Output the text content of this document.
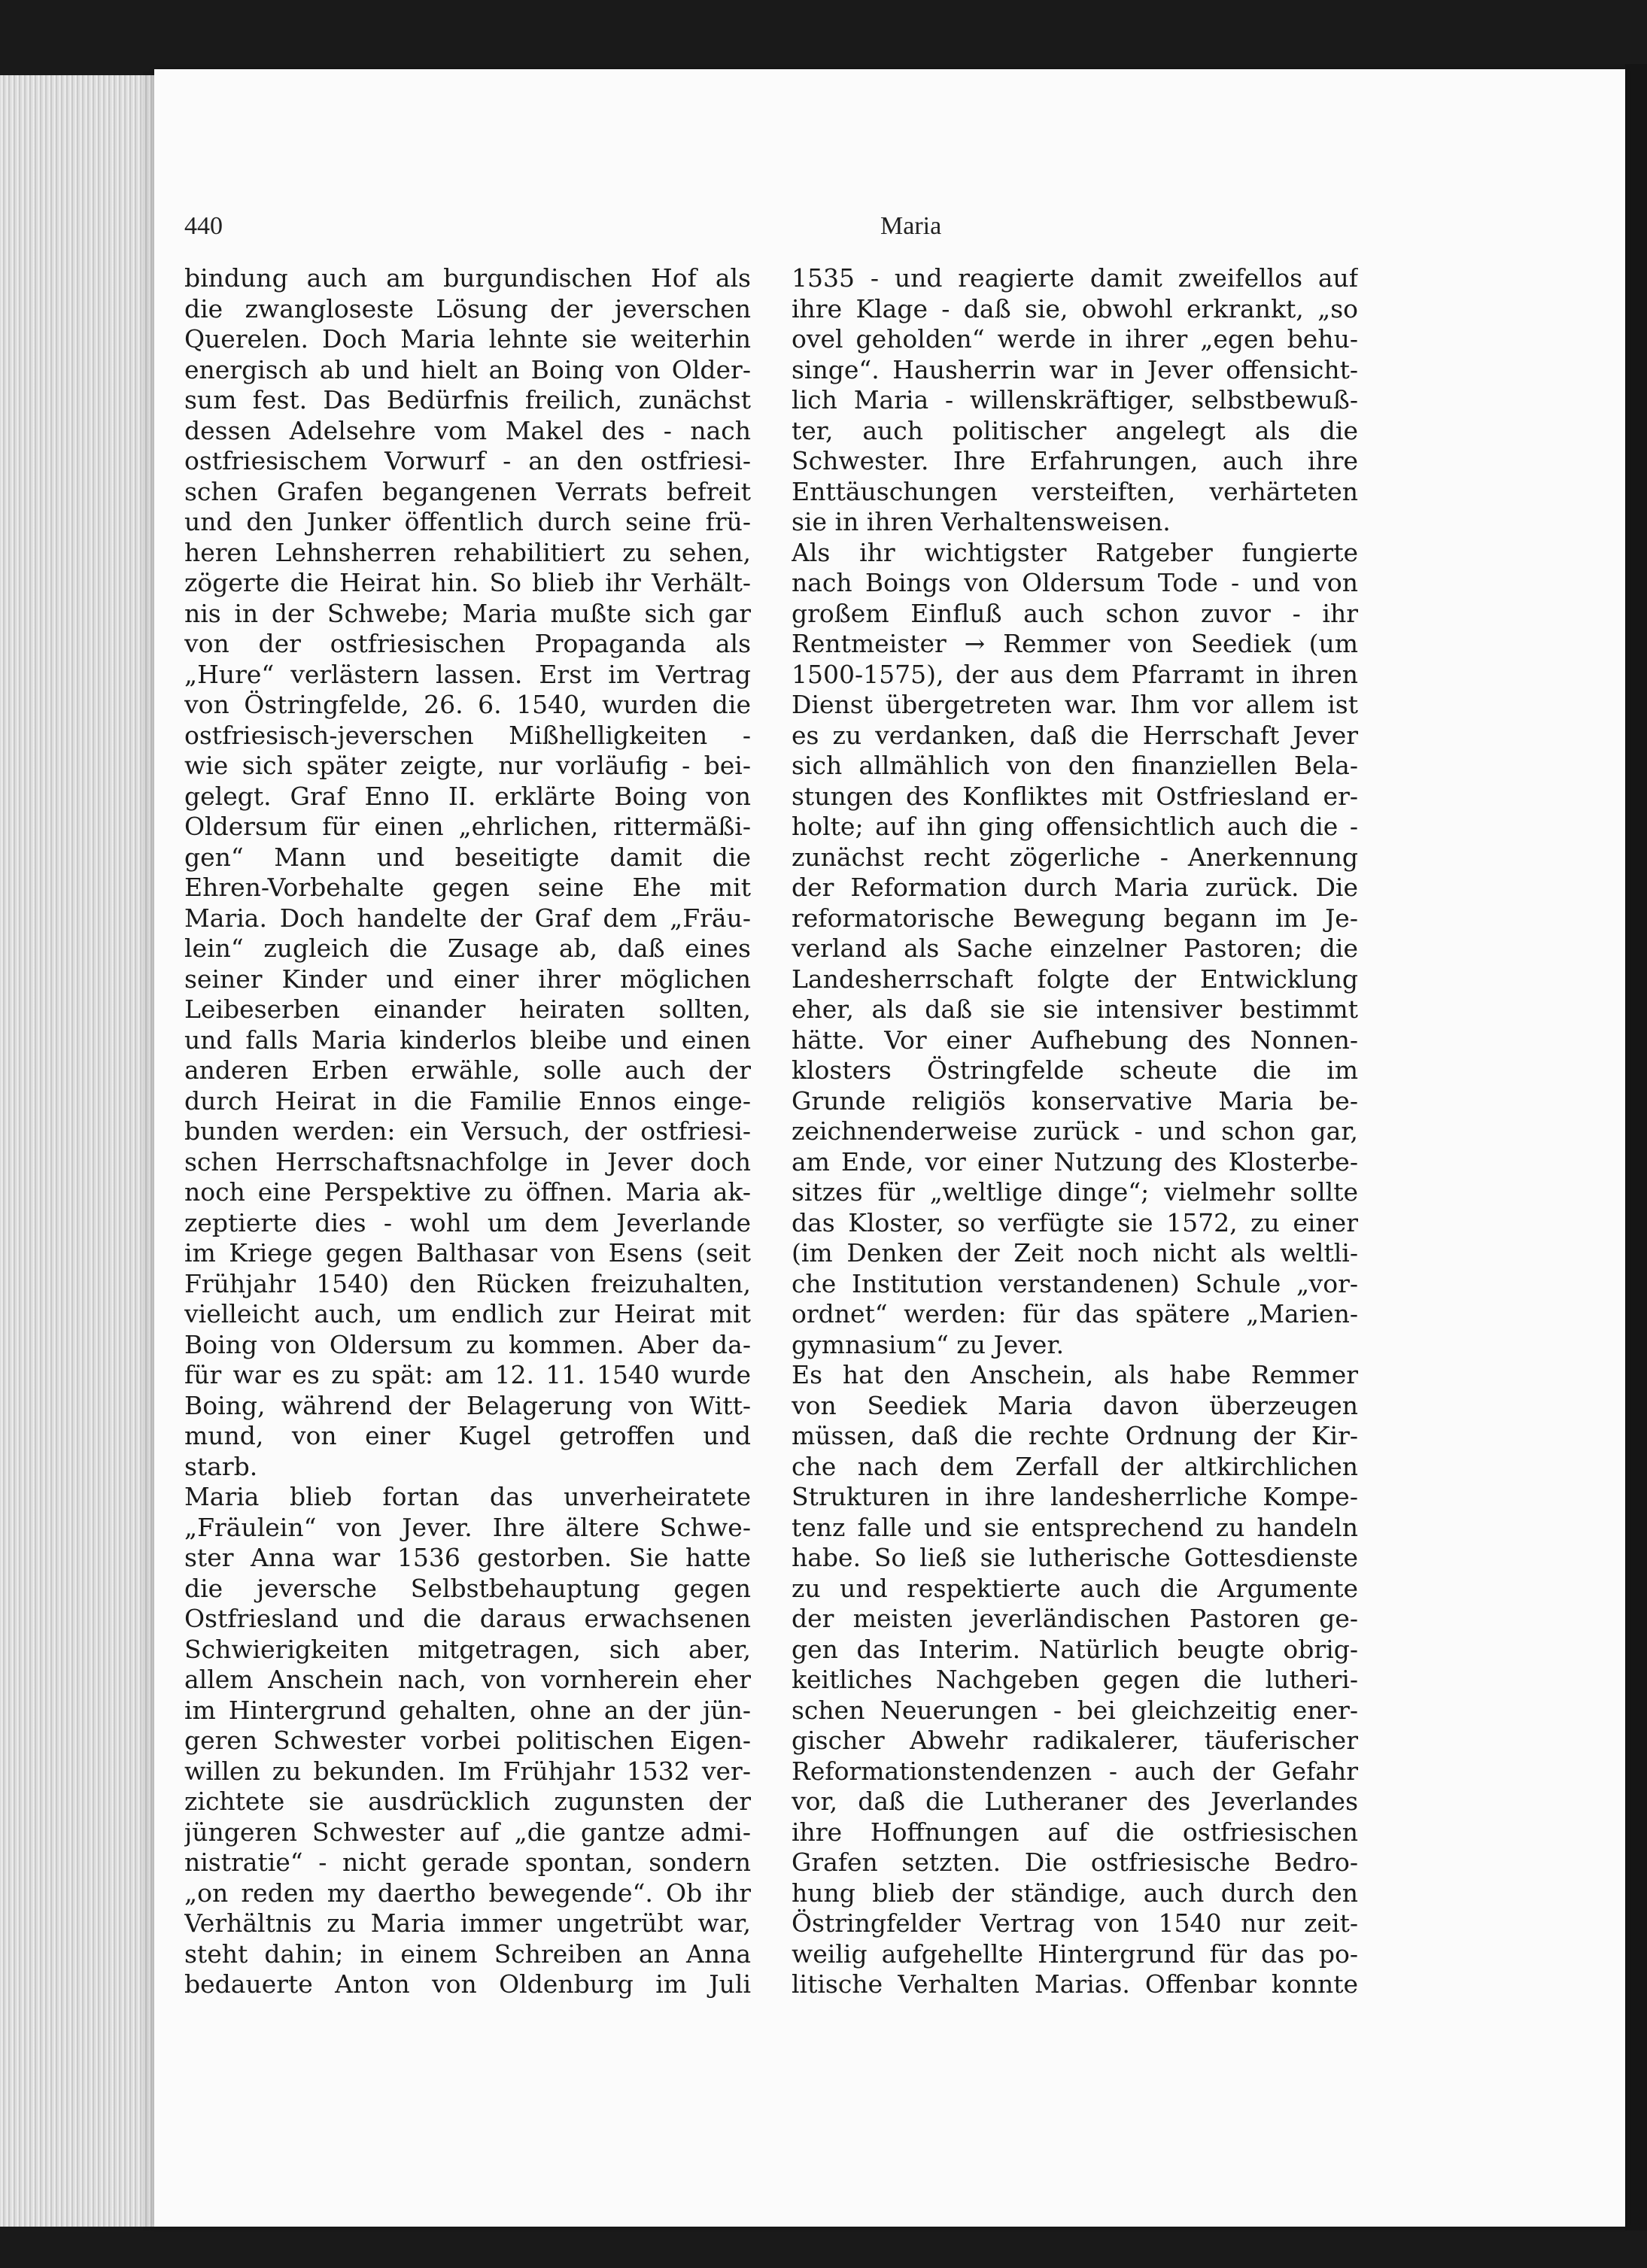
440	Maria
bindung auch am burgundischen Hof als
die zwangloseste Lösung der jeverschen
Querelen. Doch Maria lehnte sie weiterhin
energisch ab und hielt an Boing von Older-
sum fest. Das Bedürfnis freilich, zunächst
dessen Adelsehre vom Makel des - nach
ostfriesischem Vorwurf - an den ostfriesi-
schen Grafen begangenen Verrats befreit
und den Junker öffentlich durch seine frü-
heren Lehnsherren rehabilitiert zu sehen,
zögerte die Heirat hin. So blieb ihr Verhält-
nis in der Schwebe; Maria mußte sich gar
von der ostfriesischen Propaganda als
„Hure“ verlästern lassen. Erst im Vertrag
von Östringfelde, 26. 6. 1540, wurden die
ostfriesisch-jeverschen Mißhelligkeiten -
wie sich später zeigte, nur vorläufig - bei-
gelegt. Graf Enno II. erklärte Boing von
Oldersum für einen „ehrlichen, rittermäßi-
gen“ Mann und beseitigte damit die
Ehren-Vorbehalte gegen seine Ehe mit
Maria. Doch handelte der Graf dem „Fräu-
lein“ zugleich die Zusage ab, daß eines
seiner Kinder und einer ihrer möglichen
Leibeserben einander heiraten sollten,
und falls Maria kinderlos bleibe und einen
anderen Erben erwähle, solle auch der
durch Heirat in die Familie Ennos einge-
bunden werden: ein Versuch, der ostfriesi-
schen Herrschaftsnachfolge in Jever doch
noch eine Perspektive zu öffnen. Maria ak-
zeptierte dies - wohl um dem Jeverlande
im Kriege gegen Balthasar von Esens (seit
Frühjahr 1540) den Rücken freizuhalten,
vielleicht auch, um endlich zur Heirat mit
Boing von Oldersum zu kommen. Aber da-
für war es zu spät: am 12. 11. 1540 wurde
Boing, während der Belagerung von Witt-
mund, von einer Kugel getroffen und
starb.
Maria blieb fortan das unverheiratete
„Fräulein“ von Jever. Ihre ältere Schwe-
ster Anna war 1536 gestorben. Sie hatte
die jeversche Selbstbehauptung gegen
Ostfriesland und die daraus erwachsenen
Schwierigkeiten mitgetragen, sich aber,
allem Anschein nach, von vornherein eher
im Hintergrund gehalten, ohne an der jün-
geren Schwester vorbei politischen Eigen-
willen zu bekunden. Im Frühjahr 1532 ver-
zichtete sie ausdrücklich zugunsten der
jüngeren Schwester auf „die gantze admi-
nistratie“ - nicht gerade spontan, sondern
„on reden my daertho bewegende“. Ob ihr
Verhältnis zu Maria immer ungetrübt war,
steht dahin; in einem Schreiben an Anna
bedauerte Anton von Oldenburg im Juli
1535 - und reagierte damit zweifellos auf
ihre Klage - daß sie, obwohl erkrankt, „so
ovel geholden“ werde in ihrer „egen behu-
singe“. Hausherrin war in Jever offensicht-
lich Maria - willenskräftiger, selbstbewuß-
ter, auch politischer angelegt als die
Schwester. Ihre Erfahrungen, auch ihre
Enttäuschungen versteiften, verhärteten
sie in ihren Verhaltensweisen.
Als ihr wichtigster Ratgeber fungierte
nach Boings von Oldersum Tode - und von
großem Einfluß auch schon zuvor - ihr
Rentmeister → Remmer von Seediek (um
1500-1575), der aus dem Pfarramt in ihren
Dienst übergetreten war. Ihm vor allem ist
es zu verdanken, daß die Herrschaft Jever
sich allmählich von den finanziellen Bela-
stungen des Konfliktes mit Ostfriesland er-
holte; auf ihn ging offensichtlich auch die -
zunächst recht zögerliche - Anerkennung
der Reformation durch Maria zurück. Die
reformatorische Bewegung begann im Je-
verland als Sache einzelner Pastoren; die
Landesherrschaft folgte der Entwicklung
eher, als daß sie sie intensiver bestimmt
hätte. Vor einer Aufhebung des Nonnen-
klosters Östringfelde scheute die im
Grunde religiös konservative Maria be-
zeichnenderweise zurück - und schon gar,
am Ende, vor einer Nutzung des Klosterbe-
sitzes für „weltlige dinge“; vielmehr sollte
das Kloster, so verfügte sie 1572, zu einer
(im Denken der Zeit noch nicht als weltli-
che Institution verstandenen) Schule „vor-
ordnet“ werden: für das spätere „Marien-
gymnasium“ zu Jever.
Es hat den Anschein, als habe Remmer
von Seediek Maria davon überzeugen
müssen, daß die rechte Ordnung der Kir-
che nach dem Zerfall der altkirchlichen
Strukturen in ihre landesherrliche Kompe-
tenz falle und sie entsprechend zu handeln
habe. So ließ sie lutherische Gottesdienste
zu und respektierte auch die Argumente
der meisten jeverländischen Pastoren ge-
gen das Interim. Natürlich beugte obrig-
keitliches Nachgeben gegen die lutheri-
schen Neuerungen - bei gleichzeitig ener-
gischer Abwehr radikalerer, täuferischer
Reformationstendenzen - auch der Gefahr
vor, daß die Lutheraner des Jeverlandes
ihre Hoffnungen auf die ostfriesischen
Grafen setzten. Die ostfriesische Bedro-
hung blieb der ständige, auch durch den
Östringfelder Vertrag von 1540 nur zeit-
weilig aufgehellte Hintergrund für das po-
litische Verhalten Marias. Offenbar konnte
